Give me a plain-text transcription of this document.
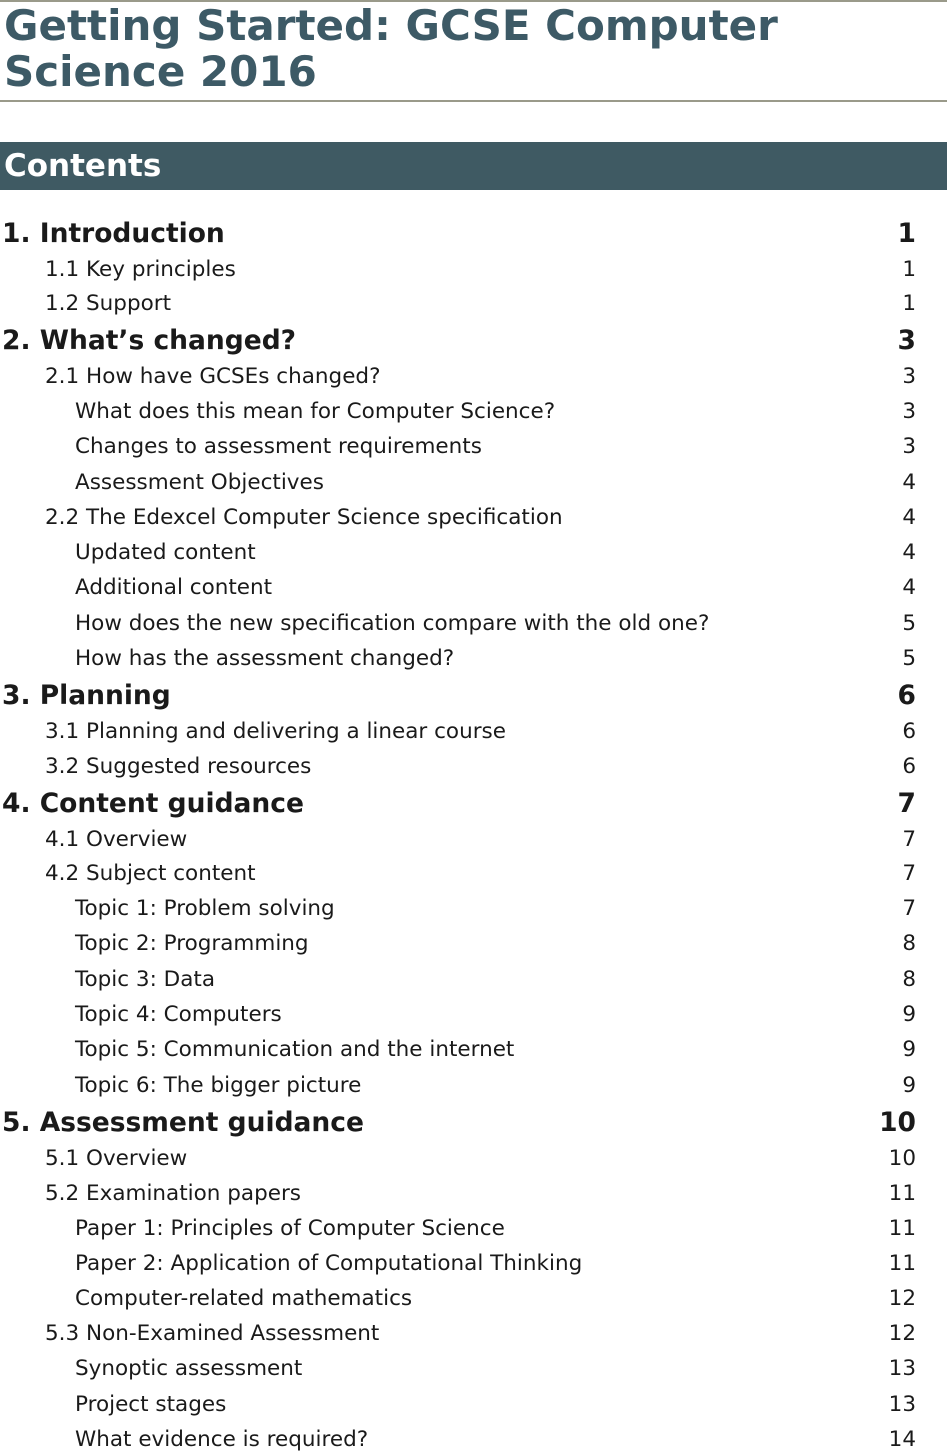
Getting Started: GCSE Computer Science 2016
Contents
1. Introduction	1
1.1 Key principles	1
1.2 Support	1
2. What’s changed?	3
2.1 How have GCSEs changed?	3
What does this mean for Computer Science?	3
Changes to assessment requirements	3
Assessment Objectives	4
2.2 The Edexcel Computer Science specification	4
Updated content	4
Additional content	4
How does the new specification compare with the old one?	5
How has the assessment changed?	5
3. Planning	6
3.1 Planning and delivering a linear course	6
3.2 Suggested resources	6
4. Content guidance	7
4.1 Overview	7
4.2 Subject content	7
Topic 1: Problem solving	7
Topic 2: Programming	8
Topic 3: Data	8
Topic 4: Computers	9
Topic 5: Communication and the internet	9
Topic 6: The bigger picture	9
5. Assessment guidance	10
5.1 Overview	10
5.2 Examination papers	11
Paper 1: Principles of Computer Science	11
Paper 2: Application of Computational Thinking	11
Computer-related mathematics	12
5.3 Non-Examined Assessment	12
Synoptic assessment	13
Project stages	13
What evidence is required?	14
